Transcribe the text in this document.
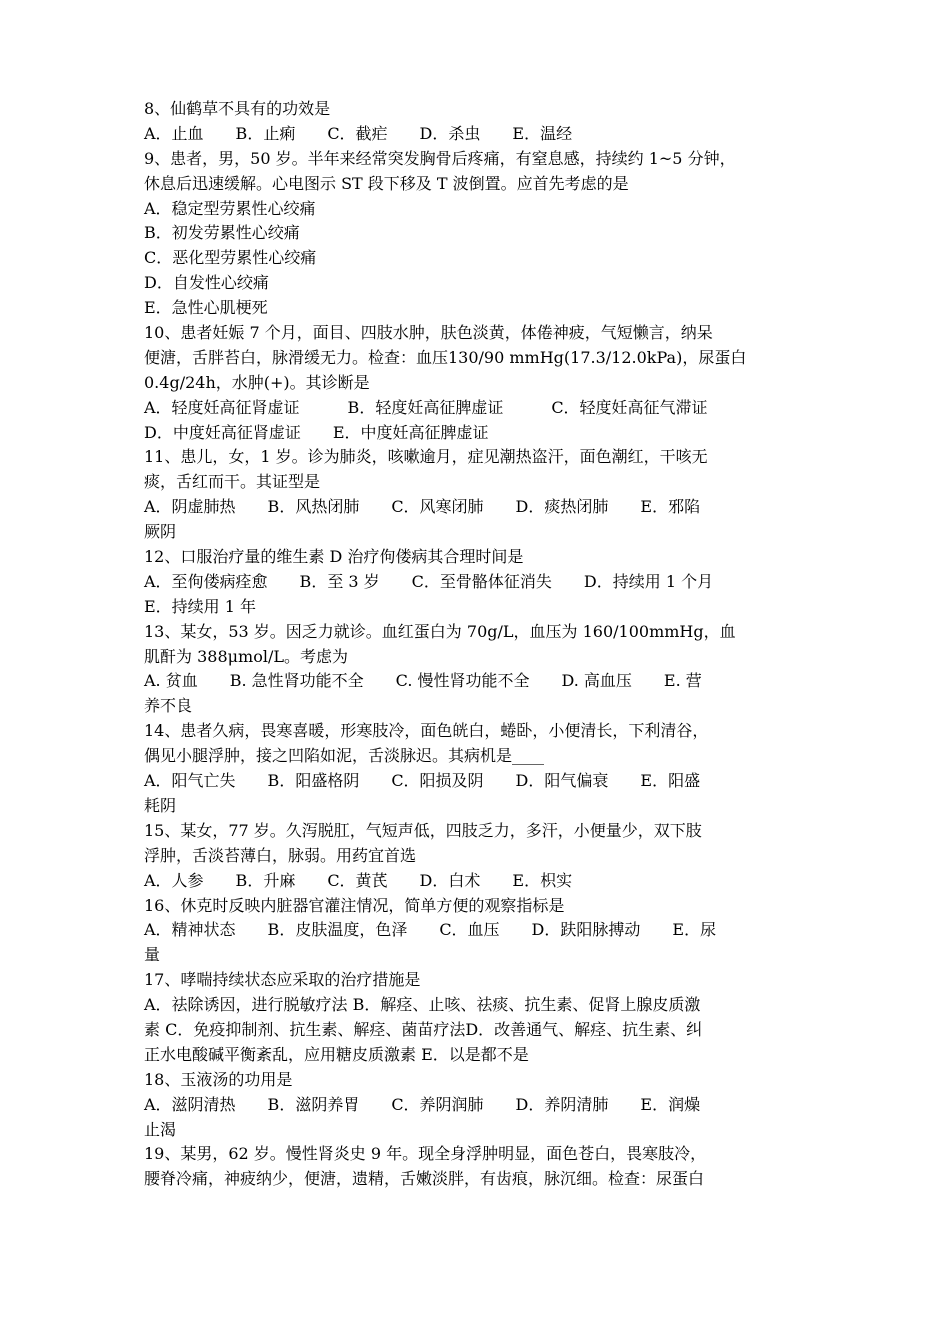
8、仙鹤草不具有的功效是
A．止血　　B．止痢　　C．截疟　　D．杀虫　　E．温经
9、患者，男，50 岁。半年来经常突发胸骨后疼痛，有窒息感，持续约 1~5 分钟，
休息后迅速缓解。心电图示 ST 段下移及 T 波倒置。应首先考虑的是
A．稳定型劳累性心绞痛
B．初发劳累性心绞痛
C．恶化型劳累性心绞痛
D．自发性心绞痛
E．急性心肌梗死
10、患者妊娠 7 个月，面目、四肢水肿，肤色淡黄，体倦神疲，气短懒言，纳呆
便溏，舌胖苔白，脉滑缓无力。检查：血压130/90 mmHg(17.3/12.0kPa)，尿蛋白
0.4g/24h，水肿(+)。其诊断是
A．轻度妊高征肾虚证　　　B．轻度妊高征脾虚证　　　C．轻度妊高征气滞证
D．中度妊高征肾虚证　　E．中度妊高征脾虚证
11、患儿，女，1 岁。诊为肺炎，咳嗽逾月，症见潮热盗汗，面色潮红，干咳无
痰，舌红而干。其证型是
A．阴虚肺热　　B．风热闭肺　　C．风寒闭肺　　D．痰热闭肺　　E．邪陷
厥阴
12、口服治疗量的维生素 D 治疗佝偻病其合理时间是
A．至佝偻病痊愈　　B．至 3 岁　　C．至骨骼体征消失　　D．持续用 1 个月
E．持续用 1 年
13、某女，53 岁。因乏力就诊。血红蛋白为 70g/L，血压为 160/100mmHg，血
肌酐为 388μmol/L。考虑为
A. 贫血　　B. 急性肾功能不全　　C. 慢性肾功能不全　　D. 高血压　　E. 营
养不良
14、患者久病，畏寒喜暖，形寒肢冷，面色㿠白，蜷卧，小便清长，下利清谷，
偶见小腿浮肿，接之凹陷如泥，舌淡脉迟。其病机是____
A．阳气亡失　　B．阳盛格阴　　C．阳损及阴　　D．阳气偏衰　　E．阳盛
耗阴
15、某女，77 岁。久泻脱肛，气短声低，四肢乏力，多汗，小便量少，双下肢
浮肿，舌淡苔薄白，脉弱。用药宜首选
A．人参　　B．升麻　　C．黄芪　　D．白术　　E．枳实
16、休克时反映内脏器官灌注情况，简单方便的观察指标是
A．精神状态　　B．皮肤温度，色泽　　C．血压　　D．趺阳脉搏动　　E．尿
量
17、哮喘持续状态应采取的治疗措施是
A．祛除诱因，进行脱敏疗法 B．解痉、止咳、祛痰、抗生素、促肾上腺皮质激
素 C．免疫抑制剂、抗生素、解痉、菌苗疗法D．改善通气、解痉、抗生素、纠
正水电酸碱平衡紊乱，应用糖皮质激素 E．以是都不是
18、玉液汤的功用是
A．滋阴清热　　B．滋阴养胃　　C．养阴润肺　　D．养阴清肺　　E．润燥
止渴
19、某男，62 岁。慢性肾炎史 9 年。现全身浮肿明显，面色苍白，畏寒肢冷，
腰脊冷痛，神疲纳少，便溏，遗精，舌嫩淡胖，有齿痕，脉沉细。检查：尿蛋白
